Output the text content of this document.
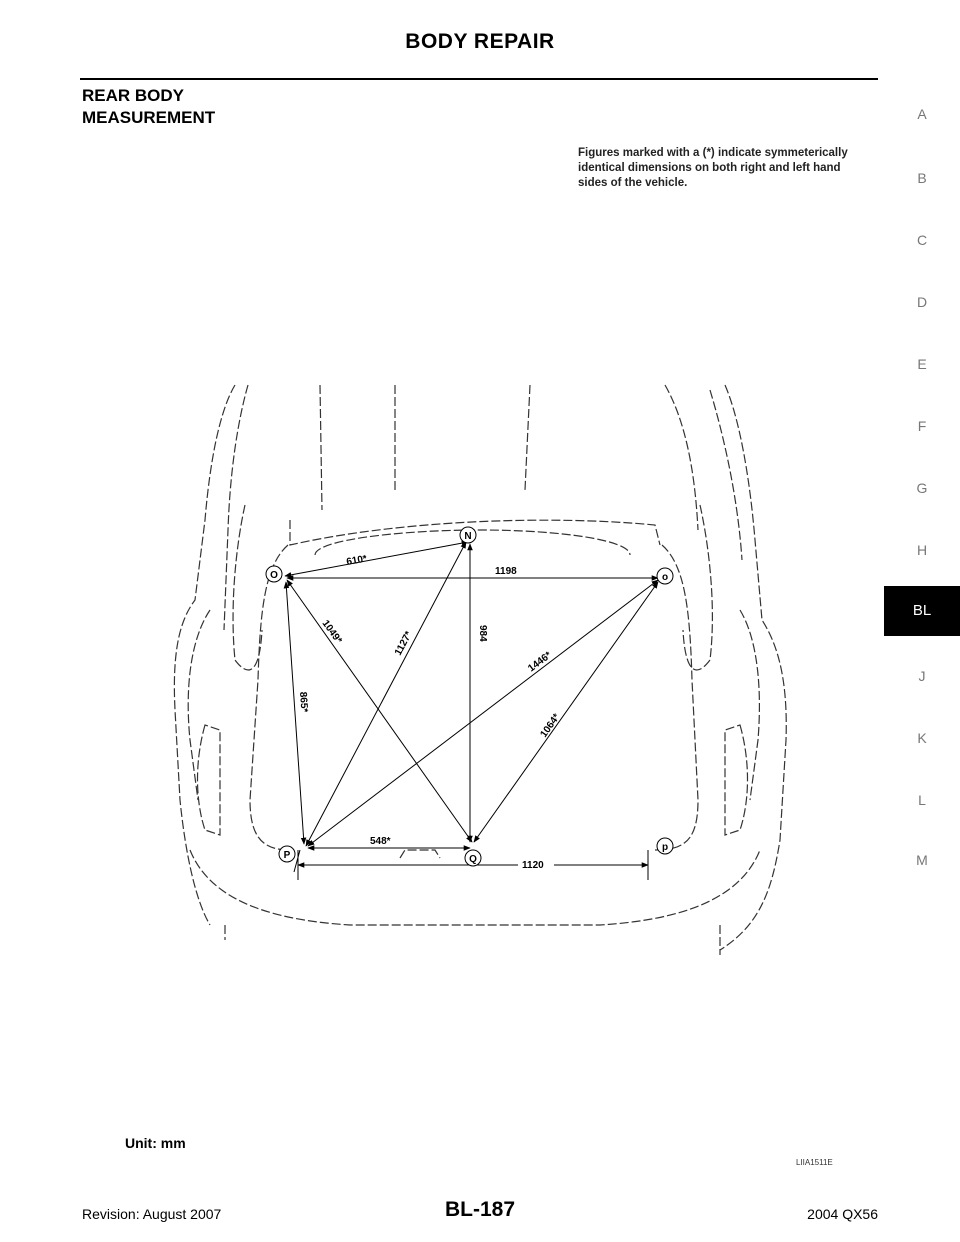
BODY REPAIR
REAR BODY
MEASUREMENT
Figures marked with a (*) indicate symmeterically identical dimensions on both right and left hand sides of the vehicle.
A
B
C
D
E
F
G
H
BL
J
K
L
M
N
O	o
P	Q
p
610*
1198
1049*	1127*	984
1446*
865*
1064*
548*
1120
Unit: mm
LIIA1511E
Revision: August 2007	BL-187	2004 QX56
